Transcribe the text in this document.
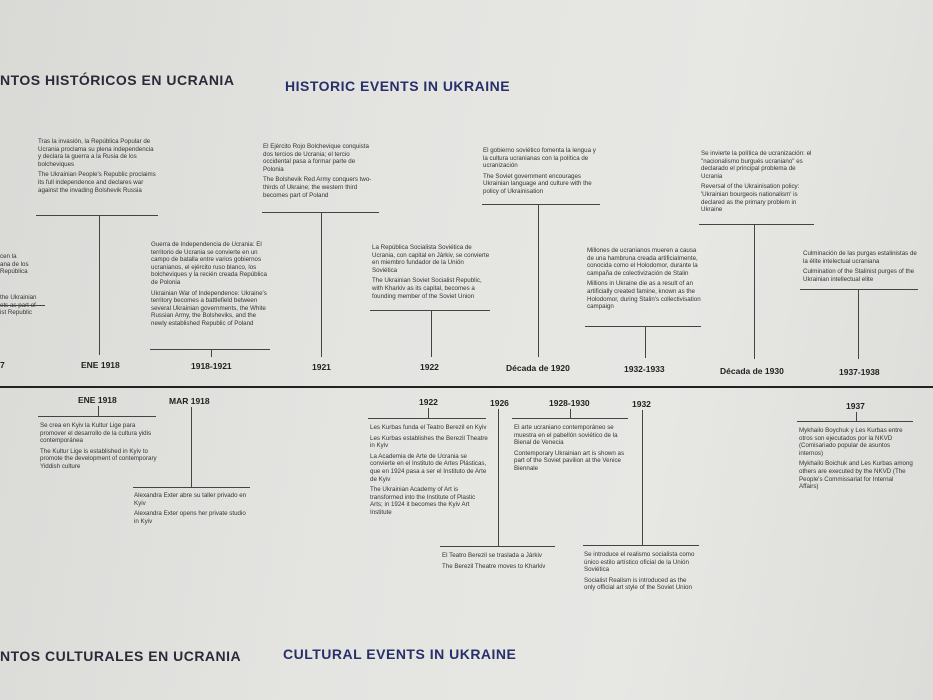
NTOS HISTÓRICOS EN UCRANIA	HISTORIC EVENTS IN UKRAINE
NTOS CULTURALES EN UCRANIA	CULTURAL EVENTS IN UKRAINE

cen la
ana de los
República

the Ukrainian

ist Republic

7

Tras la invasión, la República Popular de Ucrania proclama su plena independencia y declara la guerra a la Rusia de los bolcheviques

The Ukrainian People's Republic proclaims its full independence and declares war against the invading Bolshevik Russia

ENE 1918

Guerra de Independencia de Ucrania: El territorio de Ucrania se convierte en un campo de batalla entre varios gobiernos ucranianos, el ejército ruso blanco, los bolcheviques y la recién creada República de Polonia

Ukrainian War of Independence: Ukraine's territory becomes a battlefield between several Ukrainian governments, the White Russian Army, the Bolsheviks, and the newly established Republic of Poland

1918-1921

El Ejército Rojo Bolchevique conquista dos tercios de Ucrania; el tercio occidental pasa a formar parte de Polonia

The Bolshevik Red Army conquers two-thirds of Ukraine; the western third becomes part of Poland

1921

La República Socialista Soviética de Ucrania, con capital en Járkiv, se convierte en miembro fundador de la Unión Soviética

The Ukrainian Soviet Socialist Republic, with Kharkiv as its capital, becomes a founding member of the Soviet Union

1922

El gobierno soviético fomenta la lengua y la cultura ucranianas con la política de ucranización

The Soviet government encourages Ukrainian language and culture with the policy of Ukrainisation

Década de 1920

Millones de ucranianos mueren a causa de una hambruna creada artificialmente, conocida como el Holodomor, durante la campaña de colectivización de Stalin

Millions in Ukraine die as a result of an artificially created famine, known as the Holodomor, during Stalin's collectivisation campaign

1932-1933

Se invierte la política de ucranización: el "nacionalismo burgués ucraniano" es declarado el principal problema de Ucrania

Reversal of the Ukrainisation policy: 'Ukrainian bourgeois nationalism' is declared as the primary problem in Ukraine

Década de 1930

Culminación de las purgas estalinistas de la élite intelectual ucraniana

Culmination of the Stalinist purges of the Ukrainian intellectual elite

1937-1938
ENE 1918

Se crea en Kyiv la Kultur Lige para promover el desarrollo de la cultura yidis contemporánea

The Kultur Lige is established in Kyiv to promote the development of contemporary Yiddish culture

MAR 1918

Alexandra Exter abre su taller privado en Kyiv

Alexandra Exter opens her private studio in Kyiv

1922

Les Kurbas funda el Teatro Berezil en Kyiv

Les Kurbas establishes the Berezil Theatre in Kyiv

La Academia de Arte de Ucrania se convierte en el Instituto de Artes Plásticas, que en 1924 pasa a ser el Instituto de Arte de Kyiv

The Ukrainian Academy of Art is transformed into the Institute of Plastic Arts; in 1924 it becomes the Kyiv Art Institute

1926

El Teatro Berezil se traslada a Járkiv

The Berezil Theatre moves to Kharkiv

1928-1930

El arte ucraniano contemporáneo se muestra en el pabellón soviético de la Bienal de Venecia

Contemporary Ukrainian art is shown as part of the Soviet pavilion at the Venice Biennale

1932

Se introduce el realismo socialista como único estilo artístico oficial de la Unión Soviética

Socialist Realism is introduced as the only official art style of the Soviet Union

1937

Mykhailo Boychuk y Les Kurbas entre otros son ejecutados por la NKVD (Comisariado popular de asuntos internos)

Mykhailo Boichuk and Les Kurbas among others are executed by the NKVD (The People's Commissariat for Internal Affairs)
